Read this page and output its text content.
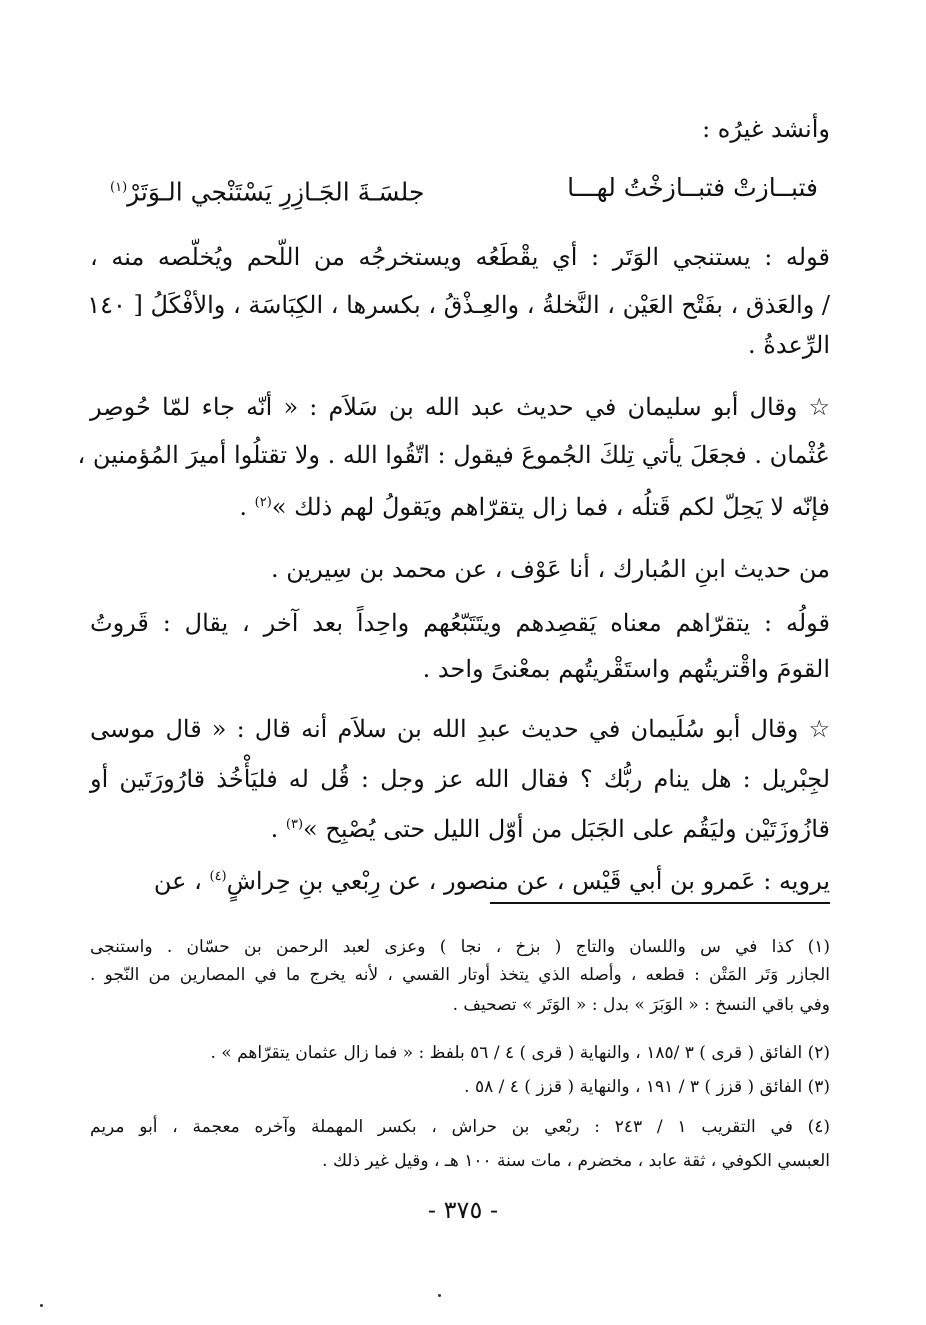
وأنشد غيرُه :
فتبــازتْ فتبــازخْتُ لهـــا
جلسَـةَ الجَـازِرِ يَسْتَنْجي الـوَتَرْ$^{(١)}$
قوله : يستنجي الوَتَر : أي يقْطَعُه ويستخرجُه من اللّحم ويُخلّصه منه ،
/ والعَذق ، بفَتْح العَيْن ، النَّخلةُ ، والعِـذْقُ ، بكسرها ، الكِبَاسَة ، والأفْكَلُ [ ١٤٠
الرِّعدةُ .
☆ وقال أبو سليمان في حديث عبد الله بن سَلاَم : « أنّه جاء لمّا حُوصِر
عُثْمان . فجعَلَ يأتي تِلكَ الجُموعَ فيقول : اتّقُوا الله . ولا تقتلُوا أميرَ المُؤمنين ،
فإنّه لا يَحِلّ لكم قَتلُه ، فما زال يتقرّاهم ويَقولُ لهم ذلك »$^{(٢)}$ .
من حديث ابنِ المُبارك ، أنا عَوْف ، عن محمد بن سِيرين .
قولُه : يتقرّاهم معناه يَقصِدهم ويتَتَبّعُهم واحِداً بعد آخر ، يقال : قَروتُ
القومَ واقْتريتُهم واستَقْريتُهم بمعْنىً واحد .
☆ وقال أبو سُلَيمان في حديث عبدِ الله بن سلاَم أنه قال : « قال موسى
لجِبْريل : هل ينام ربُّك ؟ فقال الله عز وجل : قُل له فليَأْخُذ قارُورَتَين أو
قازُوزَتَيْن وليَقُم على الجَبَل من أوّل الليل حتى يُصْبِح »$^{(٣)}$ .
يرويه : عَمرو بن أبي قَيْس ، عن منصور ، عن رِبْعي بنِ حِراشٍ$^{(٤)}$ ، عن
(١) كذا في س واللسان والتاج ( بزخ ، نجا ) وعزى لعبد الرحمن بن حسّان . واستنجى
الجازر وَتَر المَتْن : قطعه ، وأصله الذي يتخذ أوتار القسي ، لأنه يخرج ما في المصارين من النّجو .
وفي باقي النسخ : « الوَبَرَ » بدل : « الوَتَر » تصحيف .
(٢) الفائق ( قرى ) ٣ /١٨٥ ، والنهاية ( قرى ) ٤ / ٥٦ بلفظ : « فما زال عثمان يتقرّاهم » .
(٣) الفائق ( قزز ) ٣ / ١٩١ ، والنهاية ( قزز ) ٤ / ٥٨ .
(٤) في التقريب ١ / ٢٤٣ : ربْعي بن حراش ، بكسر المهملة وآخره معجمة ، أبو مريم
العبسي الكوفي ، ثقة عابد ، مخضرم ، مات سنة ١٠٠ هـ ، وقيل غير ذلك .
- ٣٧٥ -
